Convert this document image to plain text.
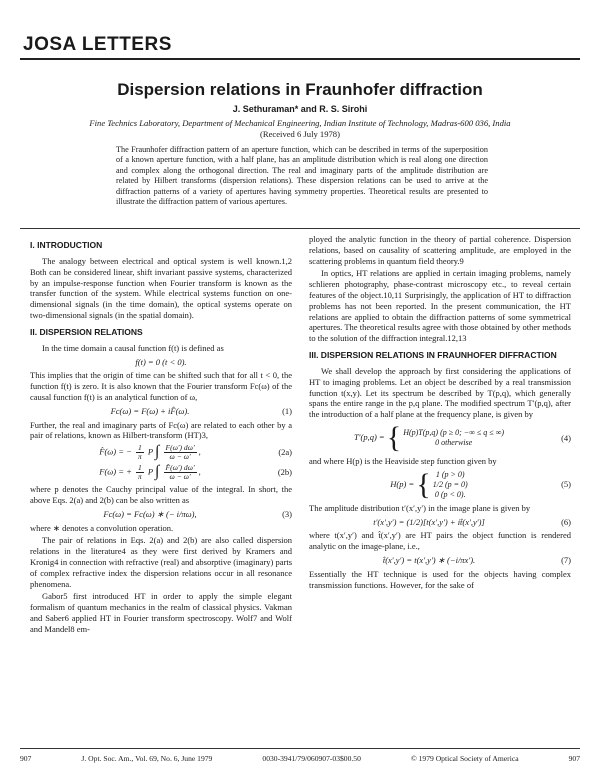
JOSA LETTERS
Dispersion relations in Fraunhofer diffraction
J. Sethuraman* and R. S. Sirohi
Fine Technics Laboratory, Department of Mechanical Engineering, Indian Institute of Technology, Madras-600 036, India
(Received 6 July 1978)
The Fraunhofer diffraction pattern of an aperture function, which can be described in terms of the superposition of a known aperture function, with a half plane, has an amplitude distribution which is real along one direction and complex along the orthogonal direction. The real and imaginary parts of the amplitude distribution are related by Hilbert transforms (dispersion relations). These dispersion relations can be used to arrive at the diffraction patterns of a variety of apertures having symmetry properties. Theoretical results are presented to illustrate the diffraction pattern of various apertures.
I. INTRODUCTION

The analogy between electrical and optical system is well known.1,2 Both can be considered linear, shift invariant passive systems, characterized by an impulse-response function when Fourier transform is known as the transfer function of the system. While electrical systems function on one-dimensional signals (in the time domain), the optical systems operate on two-dimensional signals (in the spatial domain).

II. DISPERSION RELATIONS

In the time domain a causal function f(t) is defined as

f(t) = 0 (t < 0).

This implies that the origin of time can be shifted such that for all t < 0, the function f(t) is zero. It is also known that the Fourier transform Fc(ω) of the causal function f(t) is an analytical function of ω,

Fc(ω) = F(ω) + iF̂(ω).	(1)

Further, the real and imaginary parts of Fc(ω) are related to each other by a pair of relations, known as Hilbert-transform (HT)3,

F̂(ω) = − $\frac{1}{\pi}$ P ∫ $\frac{F(\omega') d\omega'}{\omega - \omega'}$ ,	(2a)
F(ω) = + $\frac{1}{\pi}$ P ∫ $\frac{F̂(\omega') d\omega'}{\omega - \omega'}$ ,	(2b)

where p denotes the Cauchy principal value of the integral. In short, the above Eqs. 2(a) and 2(b) can be also written as

Fc(ω) = Fc(ω) ∗ (− i/πω),	(3)

where ∗ denotes a convolution operation.

The pair of relations in Eqs. 2(a) and 2(b) are also called dispersion relations in the literature4 as they were first derived by Kramers and Kronig4 in connection with refractive (real) and absorptive (imaginary) parts of complex refractive index the dispersion relations occur in all resonance phenomena.

Gabor5 first introduced HT in order to apply the simple elegant formalism of quantum mechanics in the realm of classical physics. Vakman and Saber6 applied HT in Fourier transform spectroscopy. Wolf7 and Wolf and Mandel8 em-

ployed the analytic function in the theory of partial coherence. Dispersion relations, based on causality of scattering amplitude, are employed in the scattering problems in quantum field theory.9

In optics, HT relations are applied in certain imaging problems, namely schlieren photography, phase-contrast microscopy etc., to reveal certain features of the object.10,11 Surprisingly, the application of HT to diffraction problems has not been reported. In the present communication, the HT relations are applied to obtain the diffraction patterns of some symmetrical apertures. The theoretical results agree with those obtained by other methods to the solution of the diffraction integral.12,13

III. DISPERSION RELATIONS IN FRAUNHOFER DIFFRACTION

We shall develop the approach by first considering the applications of HT to imaging problems. Let an object be described by a real transmission function t(x,y). Let its spectrum be described by T(p,q), which generally spans the entire range in the p,q plane. The modified spectrum T′(p,q), after the introduction of a half plane at the frequency plane, is given by

T′(p,q) = { H(p)T(p,q) (p ≥ 0; −∞ ≤ q ≤ ∞)
0 otherwise	(4)

and where H(p) is the Heaviside step function given by

H(p) = { 1 (p > 0)
1/2 (p = 0)
0 (p < 0).
(5)

The amplitude distribution t′(x′,y′) in the image plane is given by

t′(x′,y′) = (1/2)[t(x′,y′) + it̂(x′,y′)]	(6)

where t(x′,y′) and t̂(x′,y′) are HT pairs the object function is rendered analytic on the image-plane, i.e.,

t̂(x′,y′) = t(x′,y′) ∗ (−i/πx′).	(7)

Essentially the HT technique is used for the objects having complex transmission functions. However, for the sake of

907	J. Opt. Soc. Am., Vol. 69, No. 6, June 1979	0030-3941/79/060907-03$00.50	© 1979 Optical Society of America	907
